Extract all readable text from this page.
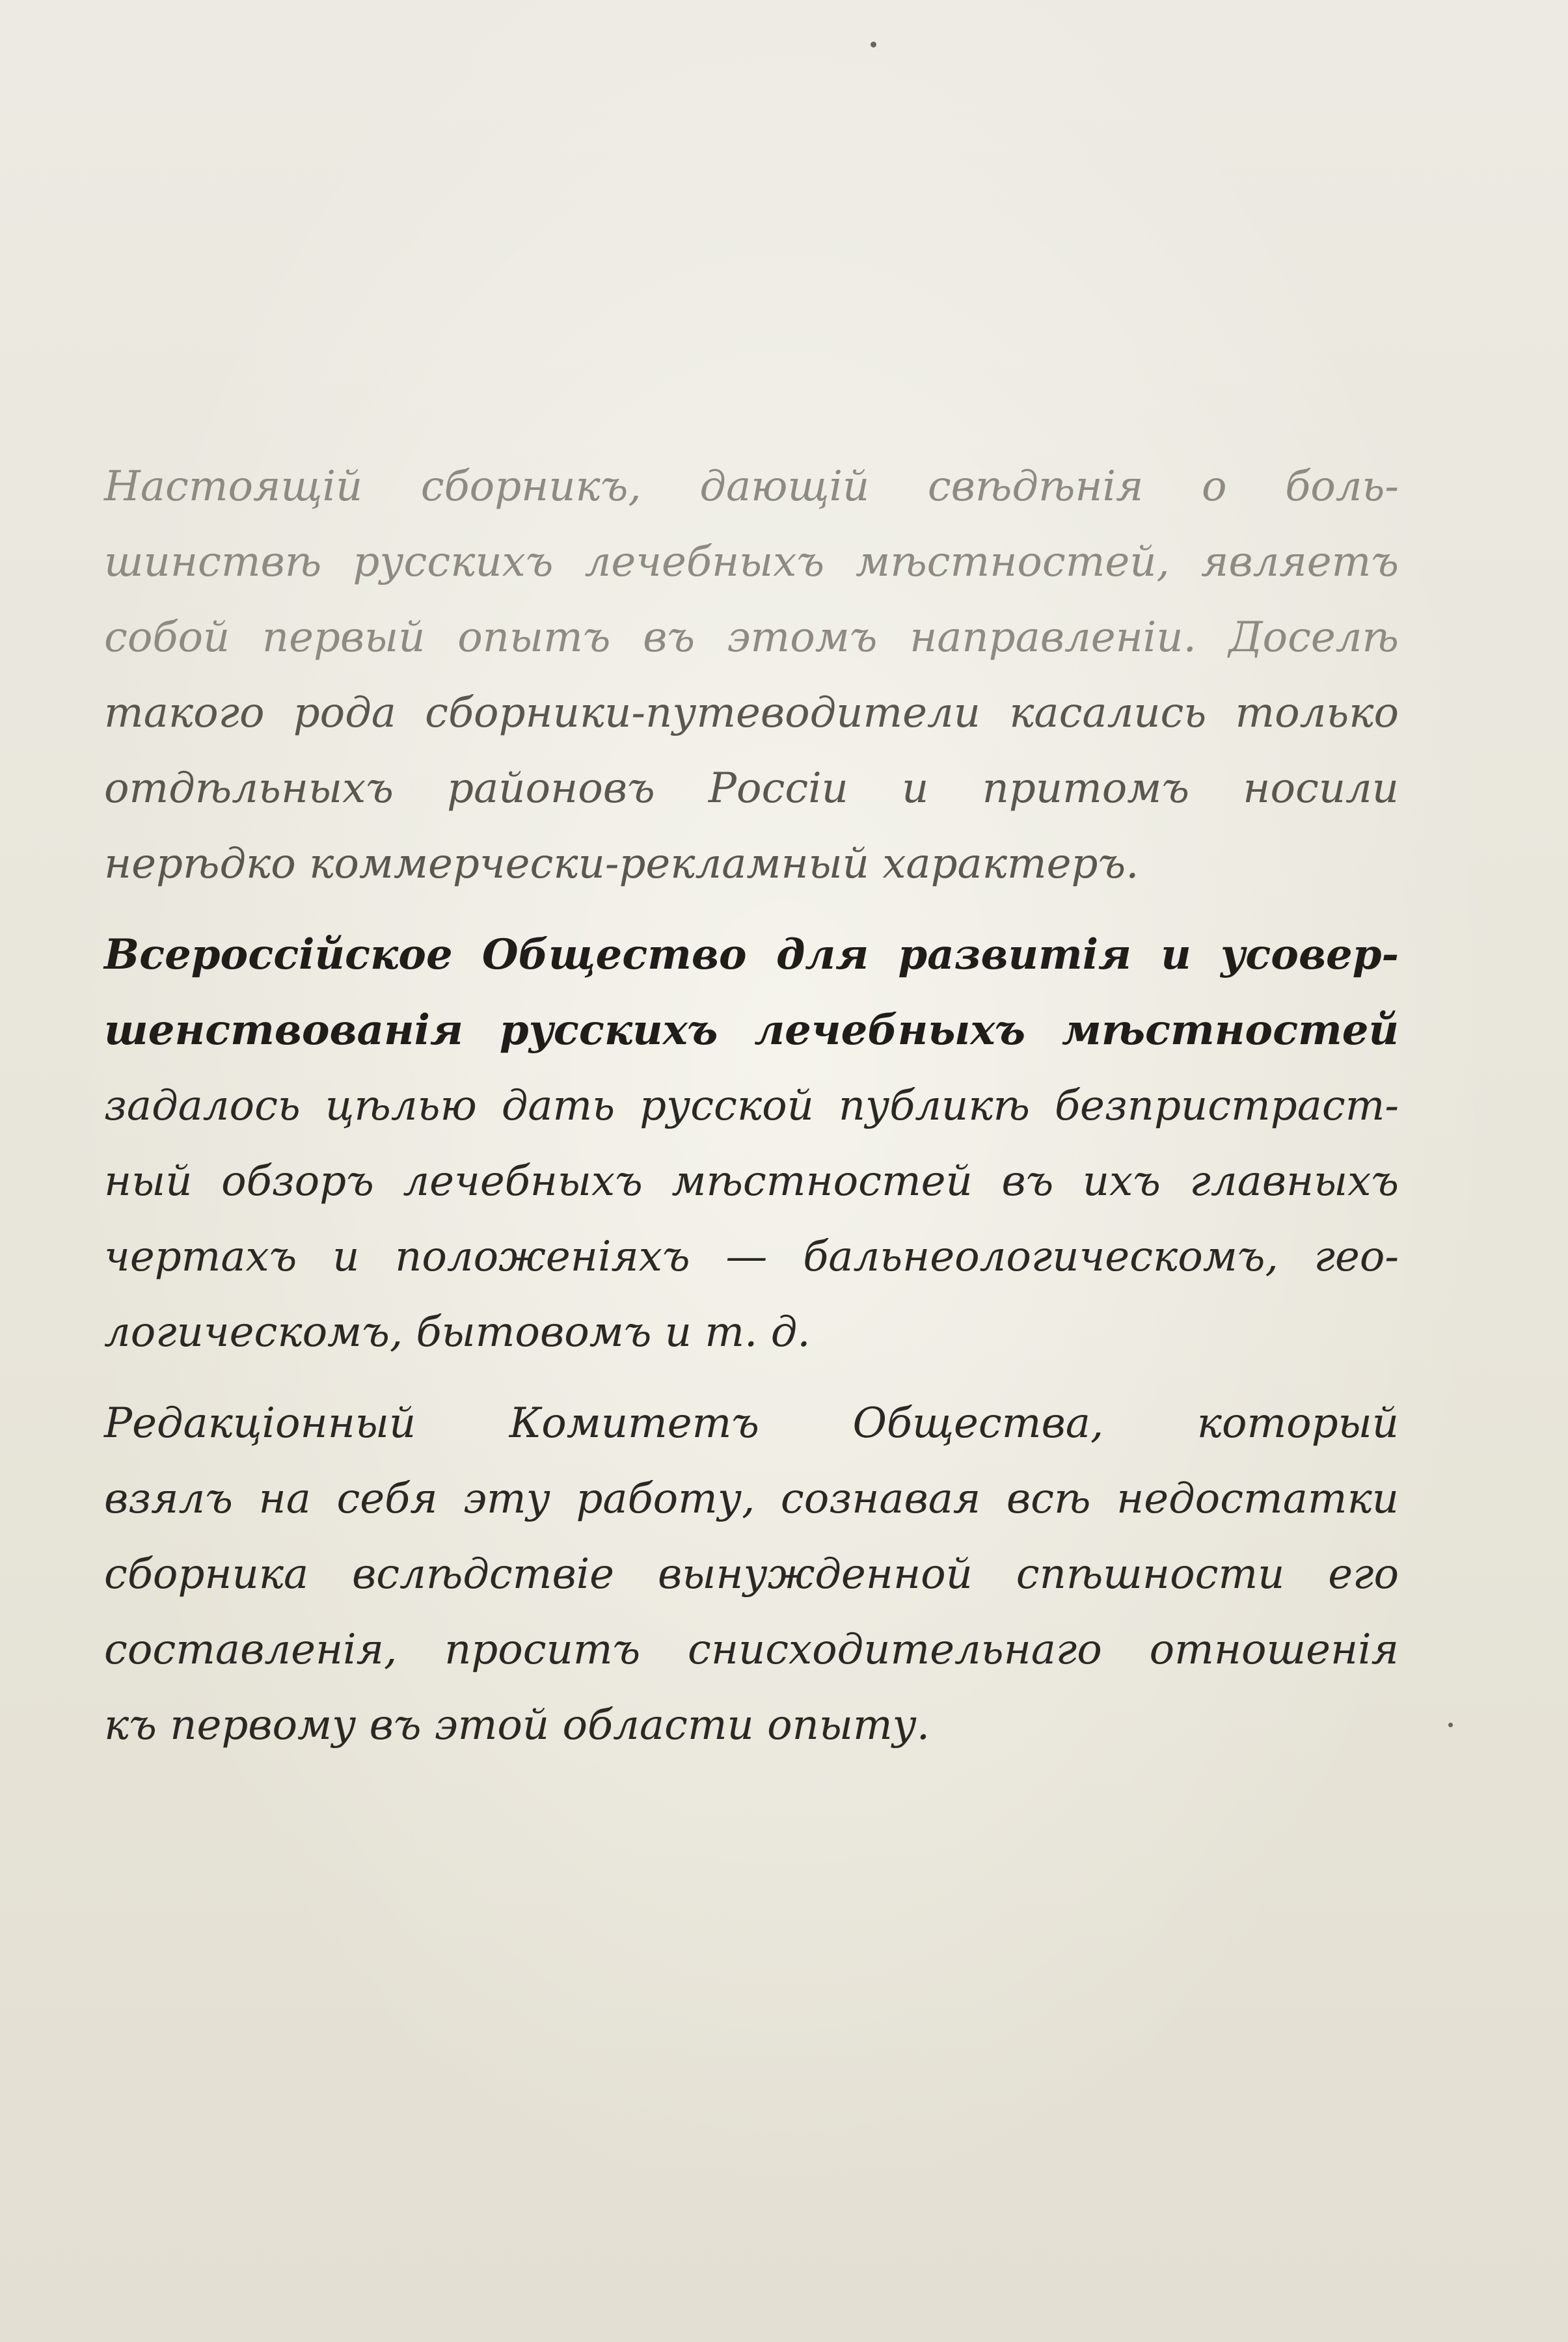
Настоящій сборникъ, дающій свѣдѣнія о боль-
шинствѣ русскихъ лечебныхъ мѣстностей, являетъ
собой первый опытъ въ этомъ направленіи. Доселѣ
такого рода сборники-путеводители касались только
отдѣльныхъ районовъ Россіи и притомъ носили
нерѣдко коммерчески-рекламный характеръ.
Всероссійское Общество для развитія и усовер-
шенствованія русскихъ лечебныхъ мѣстностей
задалось цѣлью дать русской публикѣ безпристраст-
ный обзоръ лечебныхъ мѣстностей въ ихъ главныхъ
чертахъ и положеніяхъ — бальнеологическомъ, гео-
логическомъ, бытовомъ и т. д.
Редакціонный Комитетъ Общества, который
взялъ на себя эту работу, сознавая всѣ недостатки
сборника вслѣдствіе вынужденной спѣшности его
составленія, проситъ снисходительнаго отношенія
къ первому въ этой области опыту.
